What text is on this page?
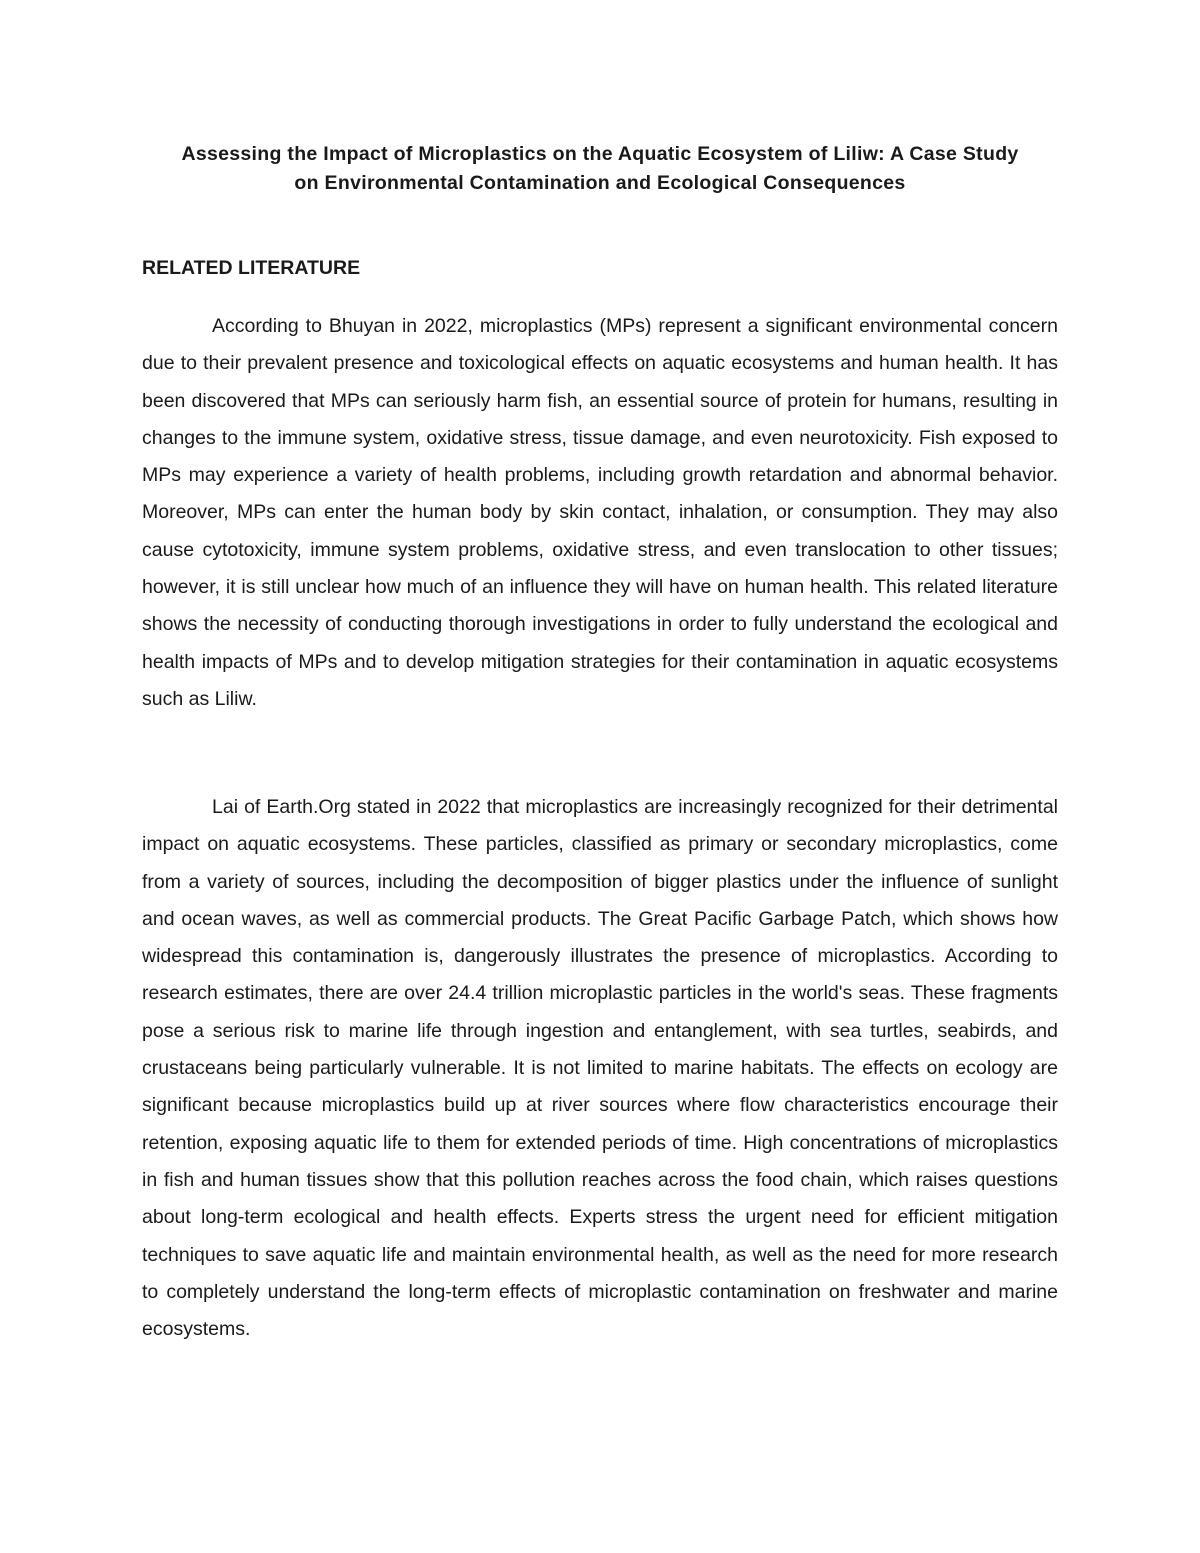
Assessing the Impact of Microplastics on the Aquatic Ecosystem of Liliw: A Case Study
on Environmental Contamination and Ecological Consequences
RELATED LITERATURE

According to Bhuyan in 2022, microplastics (MPs) represent a significant environmental concern due to their prevalent presence and toxicological effects on aquatic ecosystems and human health. It has been discovered that MPs can seriously harm fish, an essential source of protein for humans, resulting in changes to the immune system, oxidative stress, tissue damage, and even neurotoxicity. Fish exposed to MPs may experience a variety of health problems, including growth retardation and abnormal behavior. Moreover, MPs can enter the human body by skin contact, inhalation, or consumption. They may also cause cytotoxicity, immune system problems, oxidative stress, and even translocation to other tissues; however, it is still unclear how much of an influence they will have on human health. This related literature shows the necessity of conducting thorough investigations in order to fully understand the ecological and health impacts of MPs and to develop mitigation strategies for their contamination in aquatic ecosystems such as Liliw.

Lai of Earth.Org stated in 2022 that microplastics are increasingly recognized for their detrimental impact on aquatic ecosystems. These particles, classified as primary or secondary microplastics, come from a variety of sources, including the decomposition of bigger plastics under the influence of sunlight and ocean waves, as well as commercial products. The Great Pacific Garbage Patch, which shows how widespread this contamination is, dangerously illustrates the presence of microplastics. According to research estimates, there are over 24.4 trillion microplastic particles in the world's seas. These fragments pose a serious risk to marine life through ingestion and entanglement, with sea turtles, seabirds, and crustaceans being particularly vulnerable. It is not limited to marine habitats. The effects on ecology are significant because microplastics build up at river sources where flow characteristics encourage their retention, exposing aquatic life to them for extended periods of time. High concentrations of microplastics in fish and human tissues show that this pollution reaches across the food chain, which raises questions about long-term ecological and health effects. Experts stress the urgent need for efficient mitigation techniques to save aquatic life and maintain environmental health, as well as the need for more research to completely understand the long-term effects of microplastic contamination on freshwater and marine ecosystems.
